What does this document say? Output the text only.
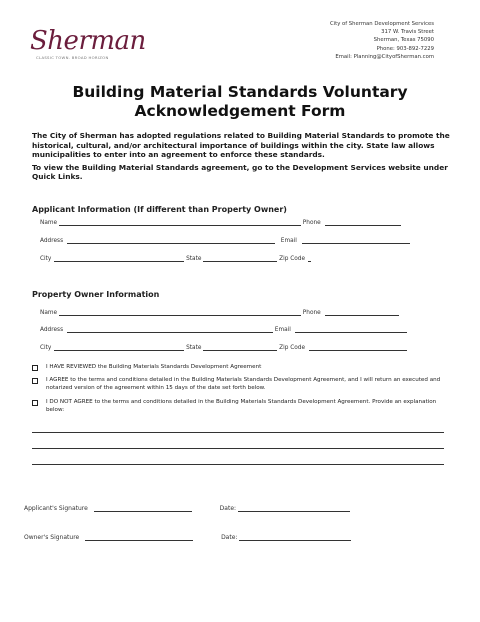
Sherman
CLASSIC TOWN. BROAD HORIZON
City of Sherman Development Services
317 W. Travis Street
Sherman, Texas 75090
Phone: 903-892-7229
Email: Planning@CityofSherman.com
Building Material Standards Voluntary
Acknowledgement Form

The City of Sherman has adopted regulations related to Building Material Standards to promote the historical, cultural, and/or architectural importance of buildings within the city. State law allows municipalities to enter into an agreement to enforce these standards.

To view the Building Material Standards agreement, go to the Development Services website under Quick Links.

Applicant Information (If different than Property Owner)
Name	Phone
Address	Email
City	State	Zip Code
Property Owner Information
Name	Phone
Address	Email
City	State	Zip Code
I HAVE REVIEWED the Building Materials Standards Development Agreement
I AGREE to the terms and conditions detailed in the Building Materials Standards Development Agreement, and I will return an executed and notarized version of the agreement within 15 days of the date set forth below.
I DO NOT AGREE to the terms and conditions detailed in the Building Materials Standards Development Agreement. Provide an explanation below:
Applicant's Signature	Date:
Owner's Signature	Date:
